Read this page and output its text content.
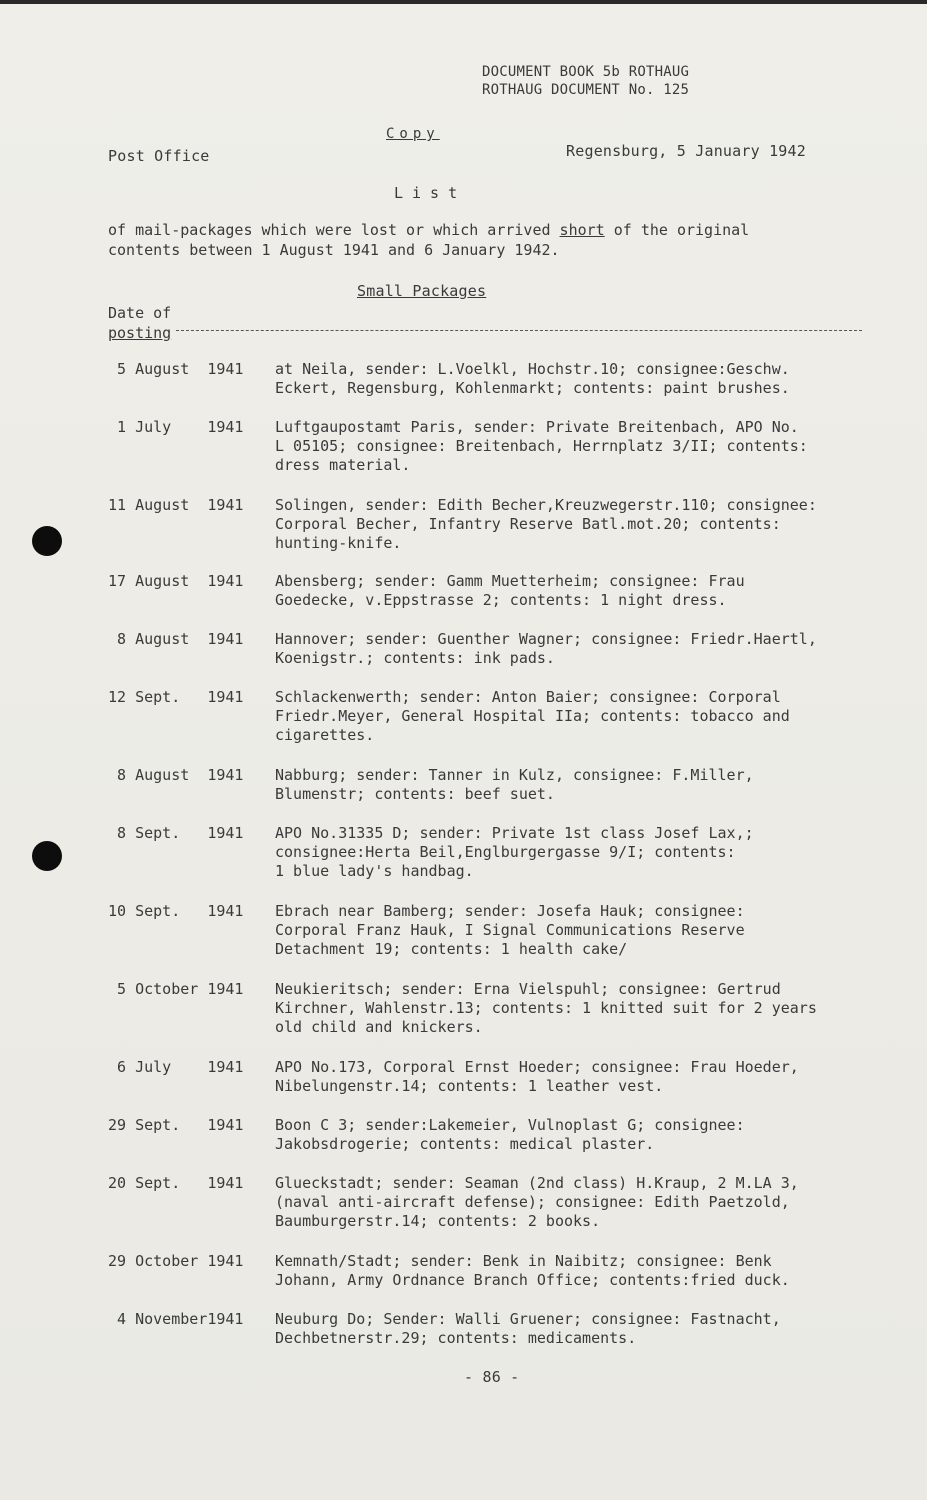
DOCUMENT BOOK 5b ROTHAUG
ROTHAUG DOCUMENT No. 125
Copy
Post Office	Regensburg, 5 January 1942
List
of mail-packages which were lost or which arrived short of the original
contents between 1 August 1941 and 6 January 1942.
Small Packages
Date of
posting
5 August  1941	at Neila, sender: L.Voelkl, Hochstr.10; consignee:Geschw.
Eckert, Regensburg, Kohlenmarkt; contents: paint brushes.
1 July    1941	Luftgaupostamt Paris, sender: Private Breitenbach, APO No.
L 05105; consignee: Breitenbach, Herrnplatz 3/II; contents:
dress material.
11 August  1941	Solingen, sender: Edith Becher,Kreuzwegerstr.110; consignee:
Corporal Becher, Infantry Reserve Batl.mot.20; contents:
hunting-knife.
17 August  1941	Abensberg; sender: Gamm Muetterheim; consignee: Frau
Goedecke, v.Eppstrasse 2; contents: 1 night dress.
8 August  1941	Hannover; sender: Guenther Wagner; consignee: Friedr.Haertl,
Koenigstr.; contents: ink pads.
12 Sept.   1941	Schlackenwerth; sender: Anton Baier; consignee: Corporal
Friedr.Meyer, General Hospital IIa; contents: tobacco and
cigarettes.
8 August  1941	Nabburg; sender: Tanner in Kulz, consignee: F.Miller,
Blumenstr; contents: beef suet.
8 Sept.   1941	APO No.31335 D; sender: Private 1st class Josef Lax,;
consignee:Herta Beil,Englburgergasse 9/I; contents:
1 blue lady's handbag.
10 Sept.   1941	Ebrach near Bamberg; sender: Josefa Hauk; consignee:
Corporal Franz Hauk, I Signal Communications Reserve
Detachment 19; contents: 1 health cake/
5 October 1941	Neukieritsch; sender: Erna Vielspuhl; consignee: Gertrud
Kirchner, Wahlenstr.13; contents: 1 knitted suit for 2 years
old child and knickers.
6 July    1941	APO No.173, Corporal Ernst Hoeder; consignee: Frau Hoeder,
Nibelungenstr.14; contents: 1 leather vest.
29 Sept.   1941	Boon C 3; sender:Lakemeier, Vulnoplast G; consignee:
Jakobsdrogerie; contents: medical plaster.
20 Sept.   1941	Glueckstadt; sender: Seaman (2nd class) H.Kraup, 2 M.LA 3,
(naval anti-aircraft defense); consignee: Edith Paetzold,
Baumburgerstr.14; contents: 2 books.
29 October 1941	Kemnath/Stadt; sender: Benk in Naibitz; consignee: Benk
Johann, Army Ordnance Branch Office; contents:fried duck.
4 November1941	Neuburg Do; Sender: Walli Gruener; consignee: Fastnacht,
Dechbetnerstr.29; contents: medicaments.
- 86 -
